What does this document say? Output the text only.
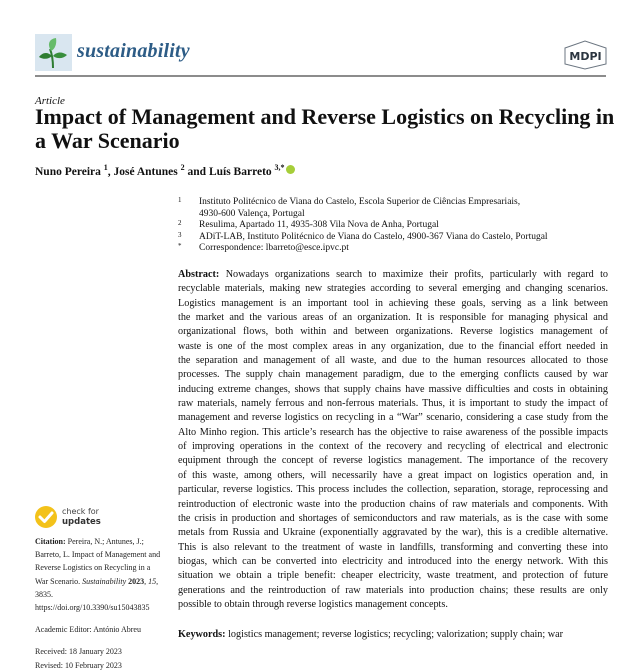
sustainability	MDPI
Article
Impact of Management and Reverse Logistics on Recycling in a War Scenario
Nuno Pereira $^1$, José Antunes $^2$ and Luís Barreto $^{3,*}$
1 Instituto Politécnico de Viana do Castelo, Escola Superior de Ciências Empresariais,
4930-600 Valença, Portugal
2 Resulima, Apartado 11, 4935-308 Vila Nova de Anha, Portugal
3 ADiT-LAB, Instituto Politécnico de Viana do Castelo, 4900-367 Viana do Castelo, Portugal
* Correspondence: lbarreto@esce.ipvc.pt
Abstract: Nowadays organizations search to maximize their profits, particularly with regard to
recyclable materials, making new strategies according to several emerging and changing scenarios.
Logistics management is an important tool in achieving these goals, serving as a link between
the market and the various areas of an organization. It is responsible for managing physical and
organizational flows, both within and between organizations. Reverse logistics management of
waste is one of the most complex areas in any organization, due to the financial effort needed in
the separation and management of all waste, and due to the human resources allocated to those
processes. The supply chain management paradigm, due to the emerging conflicts caused by war
inducing extreme changes, shows that supply chains have massive difficulties and costs in obtaining
raw materials, namely ferrous and non-ferrous materials. Thus, it is important to study the impact of
management and reverse logistics on recycling in a “War” scenario, considering a case study from the
Alto Minho region. This article’s research has the objective to raise awareness of the possible impacts
of improving operations in the context of the recovery and recycling of electrical and electronic
equipment through the concept of reverse logistics management. The importance of the recovery
of this waste, among others, will necessarily have a great impact on logistics operation and, in
particular, reverse logistics. This process includes the collection, separation, storage, reprocessing and
reintroduction of electronic waste into the production chains of raw materials and components. With
the crisis in production and shortages of semiconductors and raw materials, as is the case with some
metals from Russia and Ukraine (exponentially aggravated by the war), this is a credible alternative.
This is also relevant to the treatment of waste in landfills, transforming and converting these into
biogas, which can be converted into electricity and introduced into the energy network. With this
situation we obtain a triple benefit: cheaper electricity, waste treatment, and protection of future
generations and the reintroduction of raw materials into production chains; these results are only
possible to obtain through reverse logistics management concepts.
Keywords: logistics management; reverse logistics; recycling; valorization; supply chain; war
check for
updates
Citation: Pereira, N.; Antunes, J.; Barreto, L. Impact of Management and Reverse Logistics on Recycling in a War Scenario. Sustainability 2023, 15, 3835. https://doi.org/10.3390/su15043835
Academic Editor: António Abreu
Received: 18 January 2023
Revised: 10 February 2023
